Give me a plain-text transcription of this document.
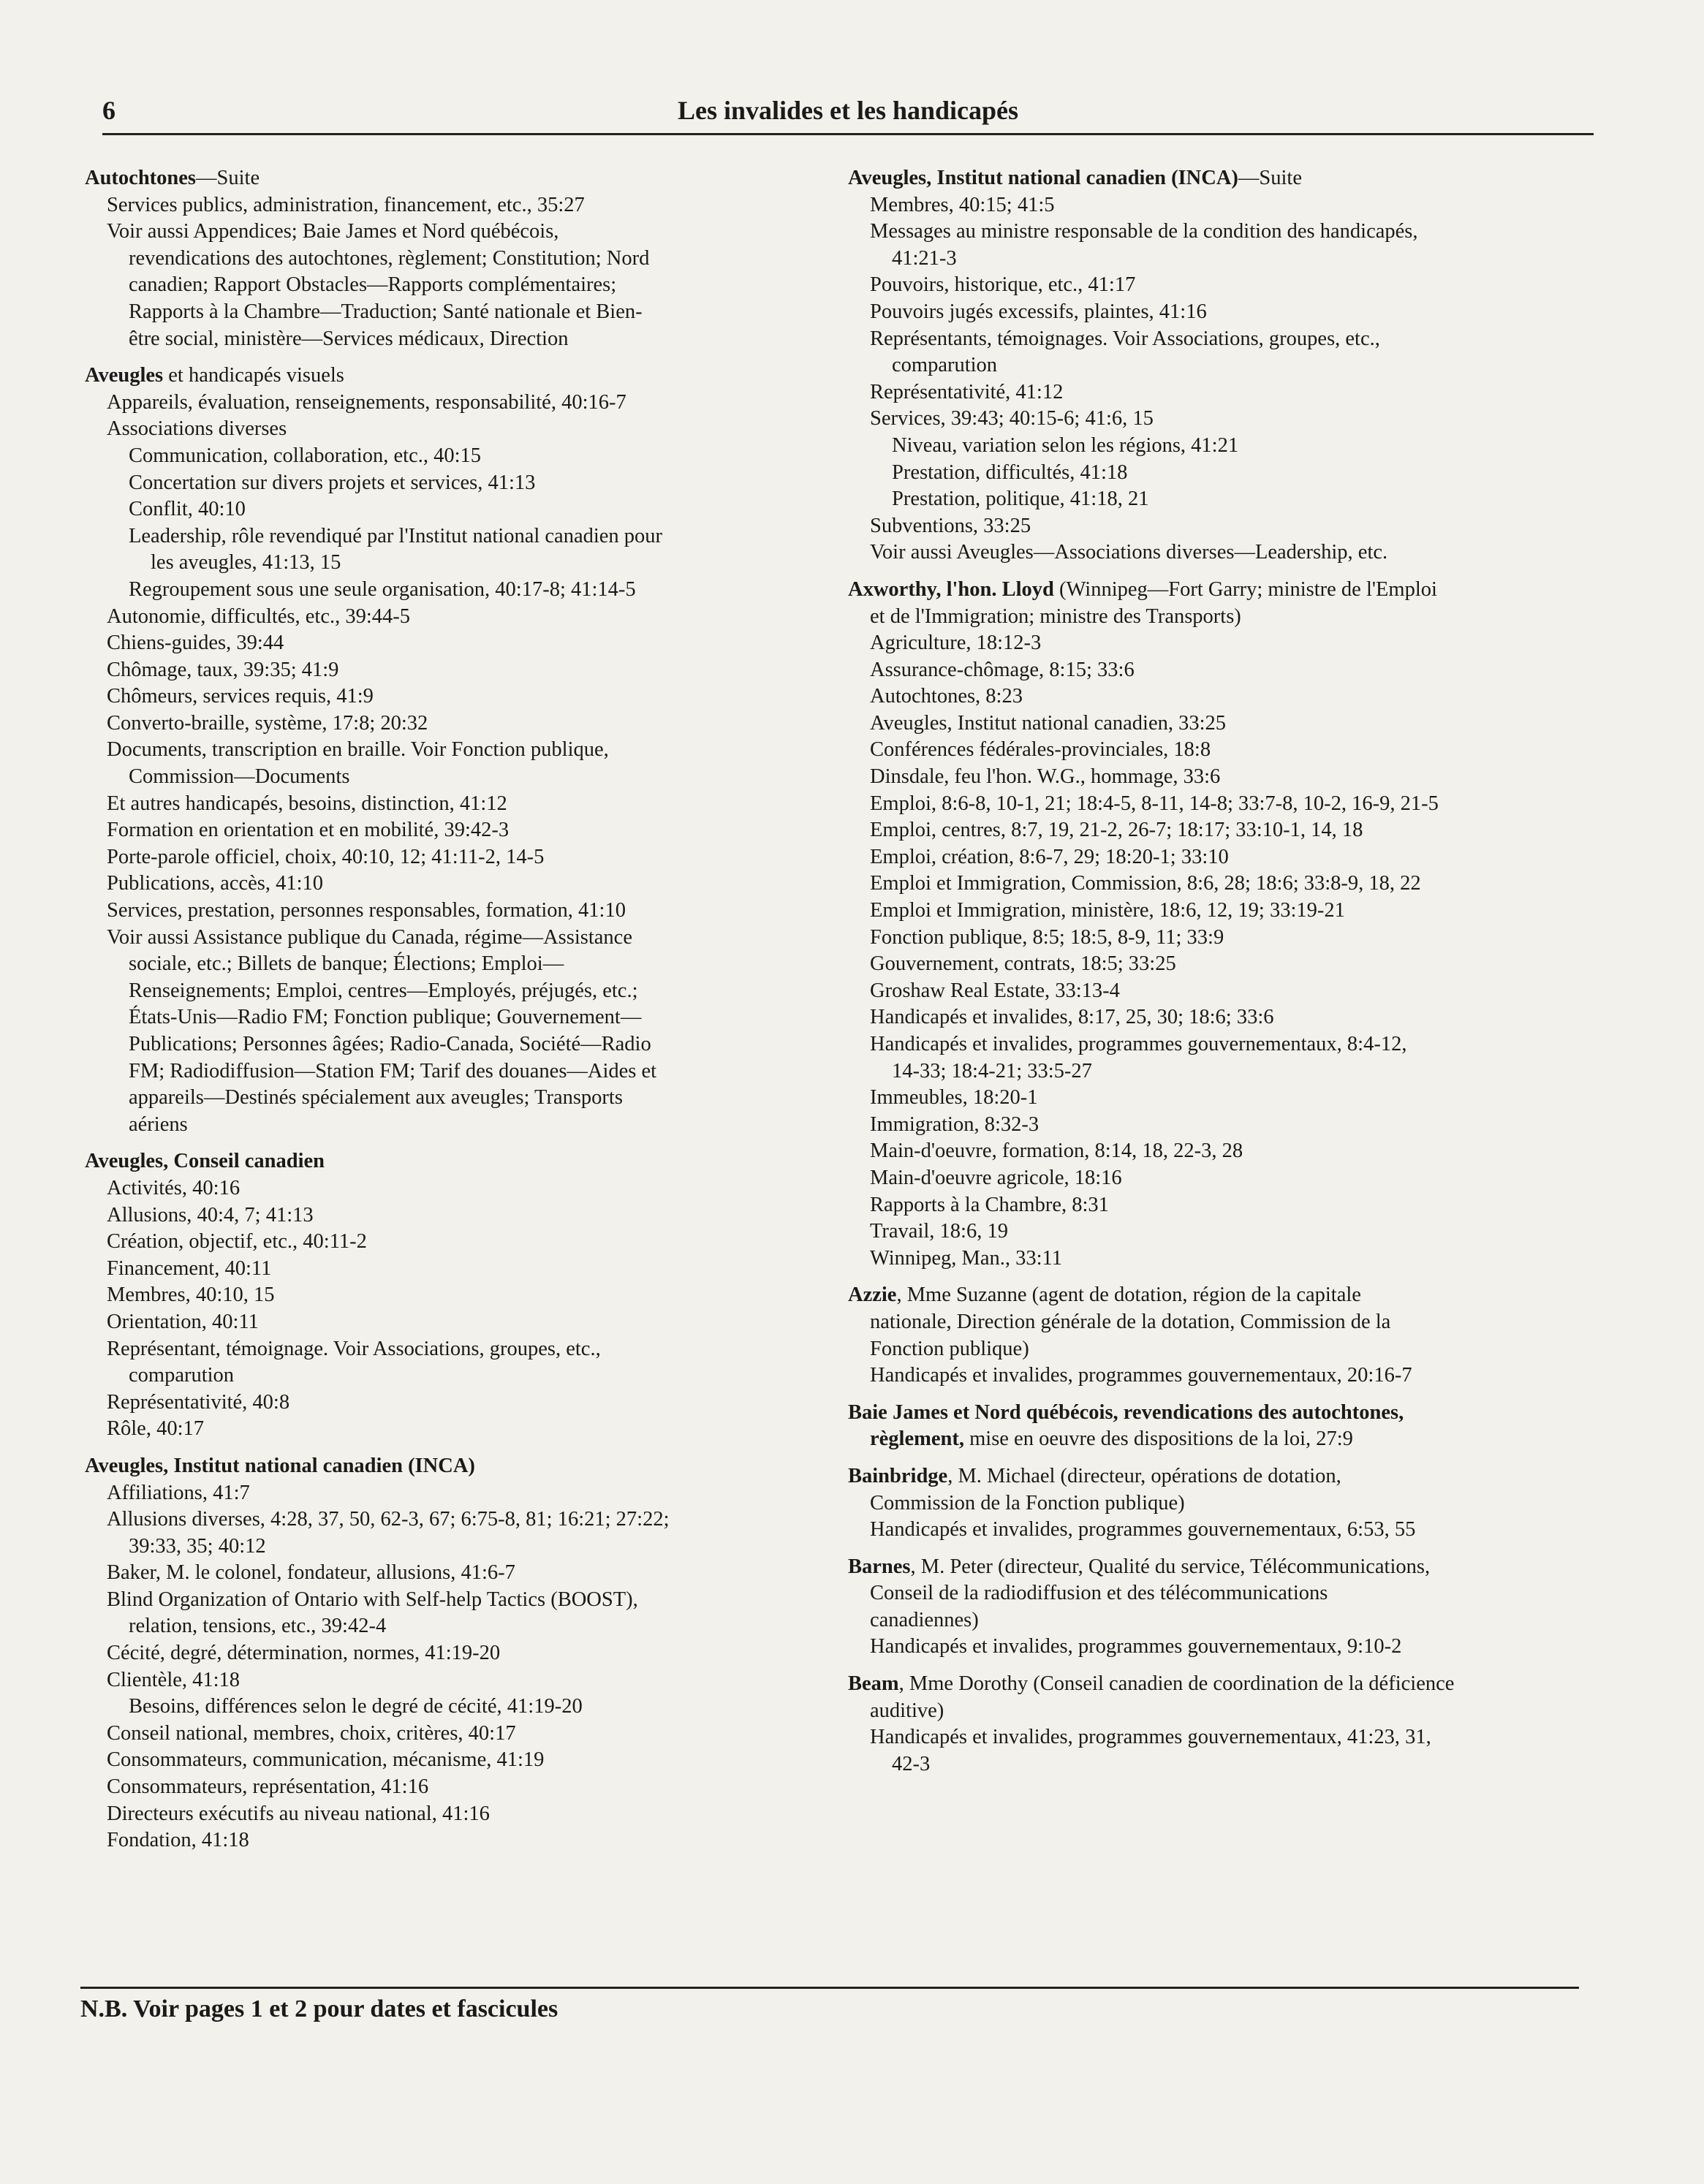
6	Les invalides et les handicapés
Autochtones—Suite
Services publics, administration, financement, etc., 35:27
Voir aussi Appendices; Baie James et Nord québécois,
revendications des autochtones, règlement; Constitution; Nord
canadien; Rapport Obstacles—Rapports complémentaires;
Rapports à la Chambre—Traduction; Santé nationale et Bien-
être social, ministère—Services médicaux, Direction
Aveugles et handicapés visuels
Appareils, évaluation, renseignements, responsabilité, 40:16-7
Associations diverses
Communication, collaboration, etc., 40:15
Concertation sur divers projets et services, 41:13
Conflit, 40:10
Leadership, rôle revendiqué par l'Institut national canadien pour
les aveugles, 41:13, 15
Regroupement sous une seule organisation, 40:17-8; 41:14-5
Autonomie, difficultés, etc., 39:44-5
Chiens-guides, 39:44
Chômage, taux, 39:35; 41:9
Chômeurs, services requis, 41:9
Converto-braille, système, 17:8; 20:32
Documents, transcription en braille. Voir Fonction publique,
Commission—Documents
Et autres handicapés, besoins, distinction, 41:12
Formation en orientation et en mobilité, 39:42-3
Porte-parole officiel, choix, 40:10, 12; 41:11-2, 14-5
Publications, accès, 41:10
Services, prestation, personnes responsables, formation, 41:10
Voir aussi Assistance publique du Canada, régime—Assistance
sociale, etc.; Billets de banque; Élections; Emploi—
Renseignements; Emploi, centres—Employés, préjugés, etc.;
États-Unis—Radio FM; Fonction publique; Gouvernement—
Publications; Personnes âgées; Radio-Canada, Société—Radio
FM; Radiodiffusion—Station FM; Tarif des douanes—Aides et
appareils—Destinés spécialement aux aveugles; Transports
aériens
Aveugles, Conseil canadien
Activités, 40:16
Allusions, 40:4, 7; 41:13
Création, objectif, etc., 40:11-2
Financement, 40:11
Membres, 40:10, 15
Orientation, 40:11
Représentant, témoignage. Voir Associations, groupes, etc.,
comparution
Représentativité, 40:8
Rôle, 40:17
Aveugles, Institut national canadien (INCA)
Affiliations, 41:7
Allusions diverses, 4:28, 37, 50, 62-3, 67; 6:75-8, 81; 16:21; 27:22;
39:33, 35; 40:12
Baker, M. le colonel, fondateur, allusions, 41:6-7
Blind Organization of Ontario with Self-help Tactics (BOOST),
relation, tensions, etc., 39:42-4
Cécité, degré, détermination, normes, 41:19-20
Clientèle, 41:18
Besoins, différences selon le degré de cécité, 41:19-20
Conseil national, membres, choix, critères, 40:17
Consommateurs, communication, mécanisme, 41:19
Consommateurs, représentation, 41:16
Directeurs exécutifs au niveau national, 41:16
Fondation, 41:18
Aveugles, Institut national canadien (INCA)—Suite
Membres, 40:15; 41:5
Messages au ministre responsable de la condition des handicapés,
41:21-3
Pouvoirs, historique, etc., 41:17
Pouvoirs jugés excessifs, plaintes, 41:16
Représentants, témoignages. Voir Associations, groupes, etc.,
comparution
Représentativité, 41:12
Services, 39:43; 40:15-6; 41:6, 15
Niveau, variation selon les régions, 41:21
Prestation, difficultés, 41:18
Prestation, politique, 41:18, 21
Subventions, 33:25
Voir aussi Aveugles—Associations diverses—Leadership, etc.
Axworthy, l'hon. Lloyd (Winnipeg—Fort Garry; ministre de l'Emploi
et de l'Immigration; ministre des Transports)
Agriculture, 18:12-3
Assurance-chômage, 8:15; 33:6
Autochtones, 8:23
Aveugles, Institut national canadien, 33:25
Conférences fédérales-provinciales, 18:8
Dinsdale, feu l'hon. W.G., hommage, 33:6
Emploi, 8:6-8, 10-1, 21; 18:4-5, 8-11, 14-8; 33:7-8, 10-2, 16-9, 21-5
Emploi, centres, 8:7, 19, 21-2, 26-7; 18:17; 33:10-1, 14, 18
Emploi, création, 8:6-7, 29; 18:20-1; 33:10
Emploi et Immigration, Commission, 8:6, 28; 18:6; 33:8-9, 18, 22
Emploi et Immigration, ministère, 18:6, 12, 19; 33:19-21
Fonction publique, 8:5; 18:5, 8-9, 11; 33:9
Gouvernement, contrats, 18:5; 33:25
Groshaw Real Estate, 33:13-4
Handicapés et invalides, 8:17, 25, 30; 18:6; 33:6
Handicapés et invalides, programmes gouvernementaux, 8:4-12,
14-33; 18:4-21; 33:5-27
Immeubles, 18:20-1
Immigration, 8:32-3
Main-d'oeuvre, formation, 8:14, 18, 22-3, 28
Main-d'oeuvre agricole, 18:16
Rapports à la Chambre, 8:31
Travail, 18:6, 19
Winnipeg, Man., 33:11
Azzie, Mme Suzanne (agent de dotation, région de la capitale
nationale, Direction générale de la dotation, Commission de la
Fonction publique)
Handicapés et invalides, programmes gouvernementaux, 20:16-7
Baie James et Nord québécois, revendications des autochtones,
règlement, mise en oeuvre des dispositions de la loi, 27:9
Bainbridge, M. Michael (directeur, opérations de dotation,
Commission de la Fonction publique)
Handicapés et invalides, programmes gouvernementaux, 6:53, 55
Barnes, M. Peter (directeur, Qualité du service, Télécommunications,
Conseil de la radiodiffusion et des télécommunications
canadiennes)
Handicapés et invalides, programmes gouvernementaux, 9:10-2
Beam, Mme Dorothy (Conseil canadien de coordination de la déficience
auditive)
Handicapés et invalides, programmes gouvernementaux, 41:23, 31,
42-3
N.B. Voir pages 1 et 2 pour dates et fascicules
